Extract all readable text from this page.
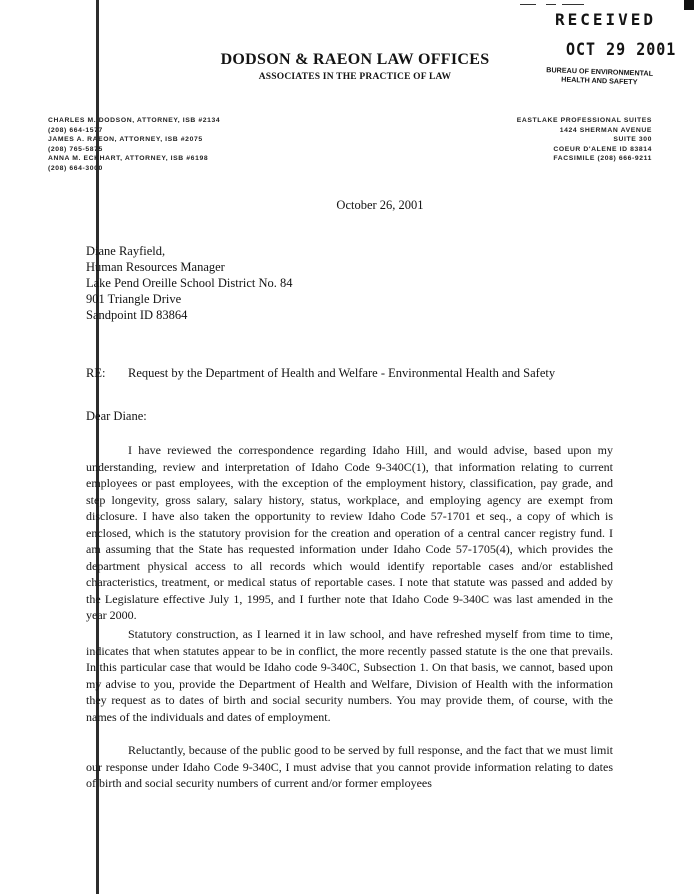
RECEIVED
OCT 29 2001
BUREAU OF ENVIRONMENTAL
HEALTH AND SAFETY
DODSON & RAEON LAW OFFICES
ASSOCIATES IN THE PRACTICE OF LAW
CHARLES M. DODSON, ATTORNEY, ISB #2134
(208) 664-1577
JAMES A. RAEON, ATTORNEY, ISB #2075
(208) 765-5875
ANNA M. ECKHART, ATTORNEY, ISB #6198
(208) 664-3000
EASTLAKE PROFESSIONAL SUITES
1424 SHERMAN AVENUE
SUITE 300
COEUR D'ALENE ID 83814
FACSIMILE (208) 666-9211
October 26, 2001
Diane Rayfield,
Human Resources Manager
Lake Pend Oreille School District No. 84
901 Triangle Drive
Sandpoint ID 83864
RE: Request by the Department of Health and Welfare - Environmental Health and Safety
Dear Diane:
I have reviewed the correspondence regarding Idaho Hill, and would advise, based upon my understanding, review and interpretation of Idaho Code 9-340C(1), that information relating to current employees or past employees, with the exception of the employment history, classification, pay grade, and step longevity, gross salary, salary history, status, workplace, and employing agency are exempt from disclosure. I have also taken the opportunity to review Idaho Code 57-1701 et seq., a copy of which is enclosed, which is the statutory provision for the creation and operation of a central cancer registry fund. I am assuming that the State has requested information under Idaho Code 57-1705(4), which provides the department physical access to all records which would identify reportable cases and/or established characteristics, treatment, or medical status of reportable cases. I note that statute was passed and added by the Legislature effective July 1, 1995, and I further note that Idaho Code 9-340C was last amended in the year 2000.
Statutory construction, as I learned it in law school, and have refreshed myself from time to time, indicates that when statutes appear to be in conflict, the more recently passed statute is the one that prevails. In this particular case that would be Idaho code 9-340C, Subsection 1. On that basis, we cannot, based upon my advise to you, provide the Department of Health and Welfare, Division of Health with the information they request as to dates of birth and social security numbers. You may provide them, of course, with the names of the individuals and dates of employment.
Reluctantly, because of the public good to be served by full response, and the fact that we must limit our response under Idaho Code 9-340C, I must advise that you cannot provide information relating to dates of birth and social security numbers of current and/or former employees
